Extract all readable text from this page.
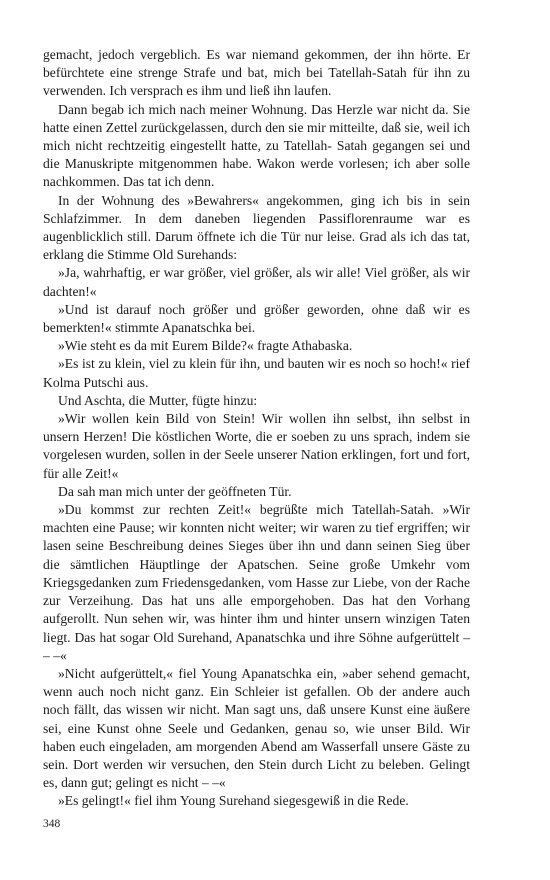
gemacht, jedoch vergeblich. Es war niemand gekommen, der ihn hörte. Er befürchtete eine strenge Strafe und bat, mich bei Tatellah-Satah für ihn zu verwenden. Ich versprach es ihm und ließ ihn laufen.

Dann begab ich mich nach meiner Wohnung. Das Herzle war nicht da. Sie hatte einen Zettel zurückgelassen, durch den sie mir mitteilte, daß sie, weil ich mich nicht rechtzeitig eingestellt hatte, zu Tatellah- Satah gegangen sei und die Manuskripte mitgenommen habe. Wakon werde vorlesen; ich aber solle nachkommen. Das tat ich denn.

In der Wohnung des »Bewahrers« angekommen, ging ich bis in sein Schlafzimmer. In dem daneben liegenden Passiflorenraume war es augenblicklich still. Darum öffnete ich die Tür nur leise. Grad als ich das tat, erklang die Stimme Old Surehands:

»Ja, wahrhaftig, er war größer, viel größer, als wir alle! Viel größer, als wir dachten!«

»Und ist darauf noch größer und größer geworden, ohne daß wir es bemerkten!« stimmte Apanatschka bei.

»Wie steht es da mit Eurem Bilde?« fragte Athabaska.

»Es ist zu klein, viel zu klein für ihn, und bauten wir es noch so hoch!« rief Kolma Putschi aus.

Und Aschta, die Mutter, fügte hinzu:

»Wir wollen kein Bild von Stein! Wir wollen ihn selbst, ihn selbst in unsern Herzen! Die köstlichen Worte, die er soeben zu uns sprach, indem sie vorgelesen wurden, sollen in der Seele unserer Nation erklingen, fort und fort, für alle Zeit!«

Da sah man mich unter der geöffneten Tür.

»Du kommst zur rechten Zeit!« begrüßte mich Tatellah-Satah. »Wir machten eine Pause; wir konnten nicht weiter; wir waren zu tief ergriffen; wir lasen seine Beschreibung deines Sieges über ihn und dann seinen Sieg über die sämtlichen Häuptlinge der Apatschen. Seine große Umkehr vom Kriegsgedanken zum Friedensgedanken, vom Hasse zur Liebe, von der Rache zur Verzeihung. Das hat uns alle emporgehoben. Das hat den Vorhang aufgerollt. Nun sehen wir, was hinter ihm und hinter unsern winzigen Taten liegt. Das hat sogar Old Surehand, Apanatschka und ihre Söhne aufgerüttelt – – –«

»Nicht aufgerüttelt,« fiel Young Apanatschka ein, »aber sehend gemacht, wenn auch noch nicht ganz. Ein Schleier ist gefallen. Ob der andere auch noch fällt, das wissen wir nicht. Man sagt uns, daß unsere Kunst eine äußere sei, eine Kunst ohne Seele und Gedanken, genau so, wie unser Bild. Wir haben euch eingeladen, am morgenden Abend am Wasserfall unsere Gäste zu sein. Dort werden wir versuchen, den Stein durch Licht zu beleben. Gelingt es, dann gut; gelingt es nicht – –«

»Es gelingt!« fiel ihm Young Surehand siegesgewiß in die Rede.

348
